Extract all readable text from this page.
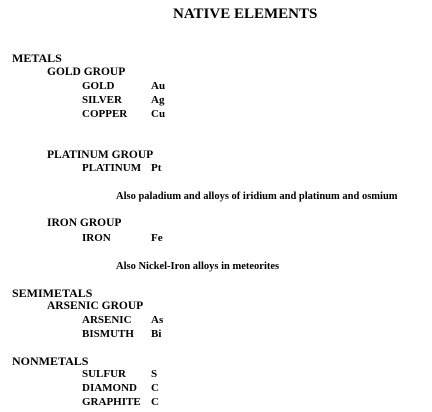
NATIVE ELEMENTS
METALS
GOLD GROUP
GOLD	Au
SILVER	Ag
COPPER Cu
PLATINUM GROUP
PLATINUM Pt
Also paladium and alloys of iridium and platinum and osmium
IRON GROUP
IRON	Fe
Also Nickel-Iron alloys in meteorites
SEMIMETALS
ARSENIC GROUP
ARSENIC As
BISMUTH Bi
NONMETALS
SULFUR S
DIAMOND C
GRAPHITE C
